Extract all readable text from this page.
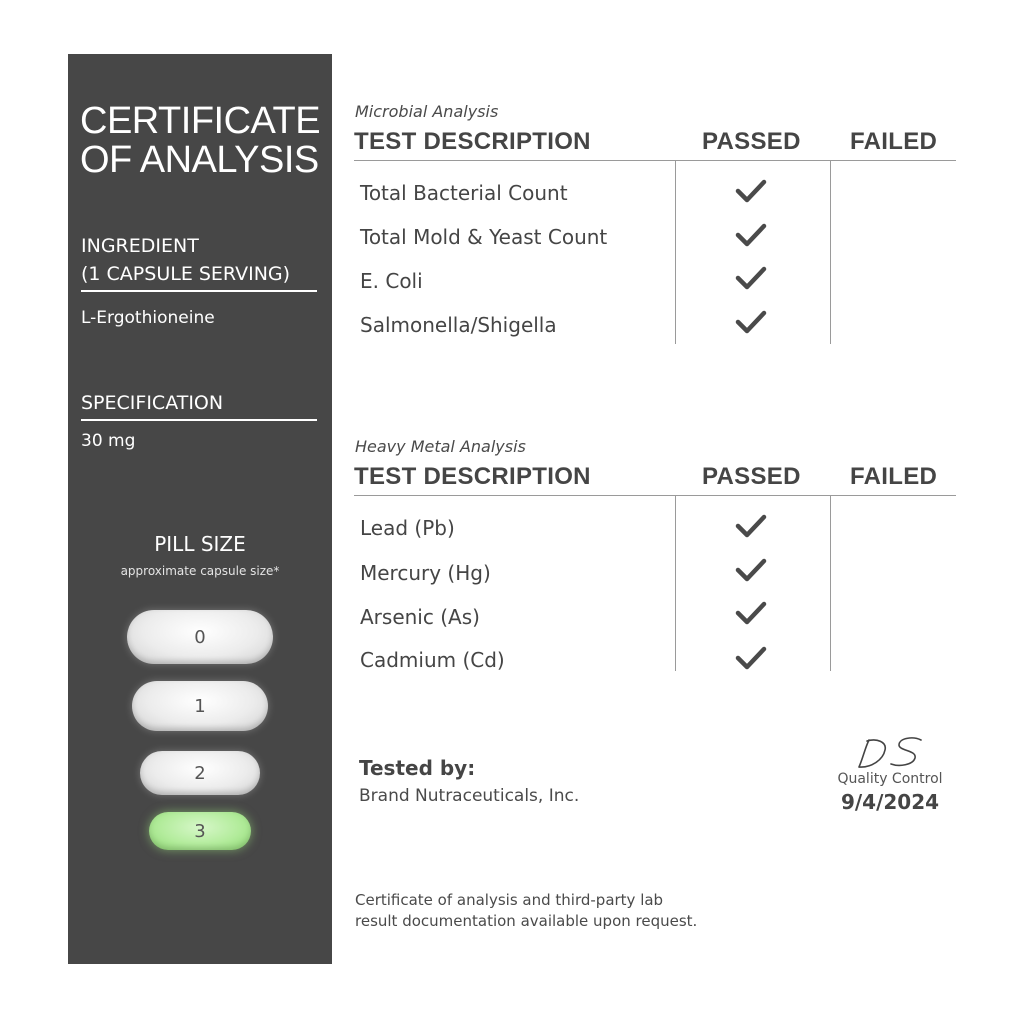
CERTIFICATE OF ANALYSIS
INGREDIENT
(1 CAPSULE SERVING)
L-Ergothioneine
SPECIFICATION
30 mg
PILL SIZE
approximate capsule size*
0
1
2
3
Microbial Analysis
TEST DESCRIPTION	PASSED FAILED
Total Bacterial Count
Total Mold & Yeast Count
E. Coli
Salmonella/Shigella
Heavy Metal Analysis
TEST DESCRIPTION	PASSED FAILED
Lead (Pb)
Mercury (Hg)
Arsenic (As)
Cadmium (Cd)
Tested by:
Brand Nutraceuticals, Inc.
Quality Control
9/4/2024
Certificate of analysis and third-party lab
result documentation available upon request.
